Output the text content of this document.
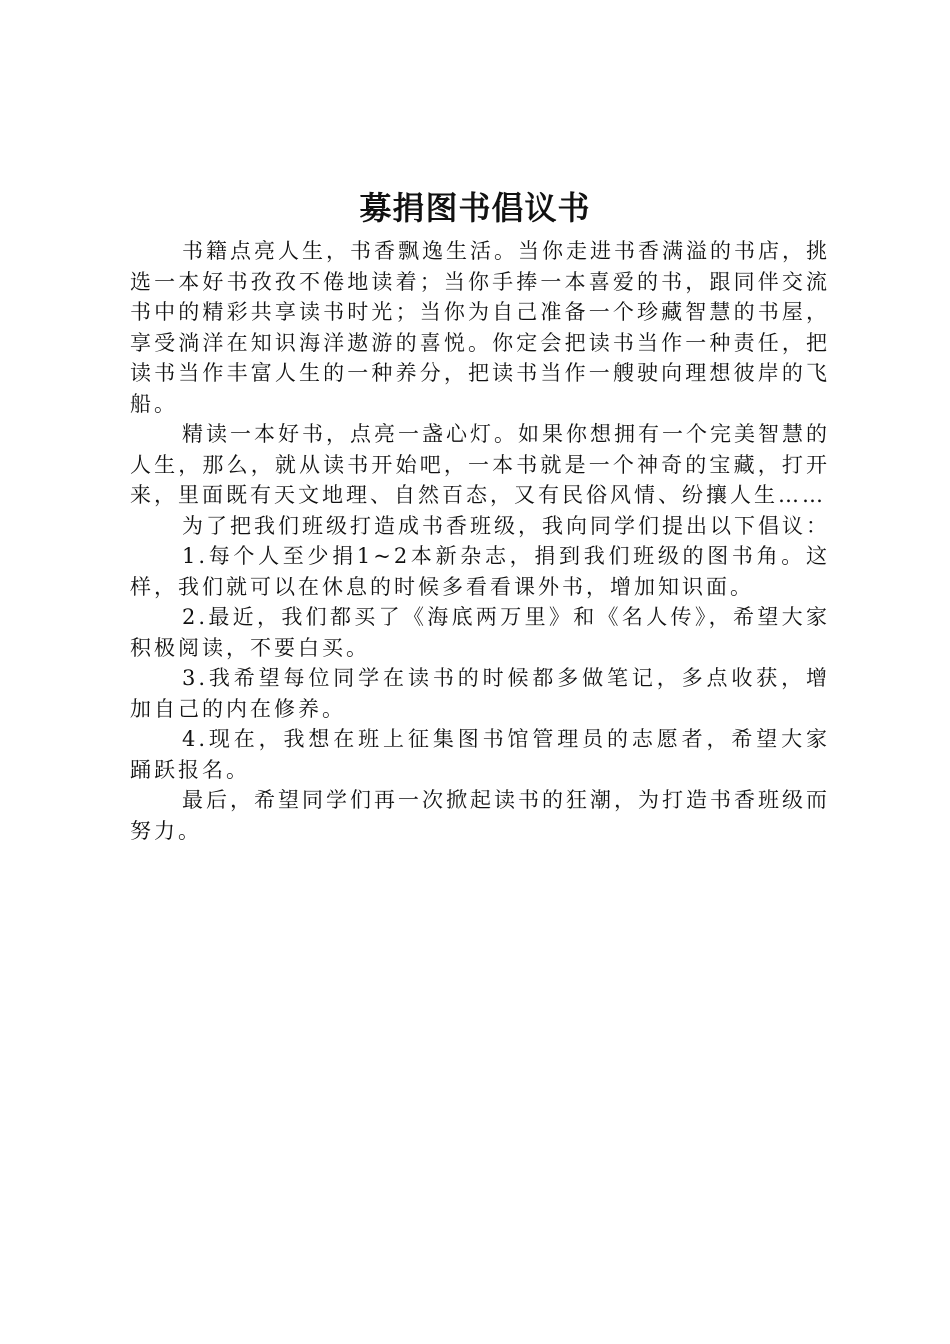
募捐图书倡议书

书籍点亮人生，书香飘逸生活。当你走进书香满溢的书店，挑选一本好书孜孜不倦地读着；当你手捧一本喜爱的书，跟同伴交流书中的精彩共享读书时光；当你为自己准备一个珍藏智慧的书屋，享受淌洋在知识海洋遨游的喜悦。你定会把读书当作一种责任，把读书当作丰富人生的一种养分，把读书当作一艘驶向理想彼岸的飞船。

精读一本好书，点亮一盏心灯。如果你想拥有一个完美智慧的人生，那么，就从读书开始吧，一本书就是一个神奇的宝藏，打开来，里面既有天文地理、自然百态，又有民俗风情、纷攘人生……

为了把我们班级打造成书香班级，我向同学们提出以下倡议：

1.每个人至少捐1~2本新杂志，捐到我们班级的图书角。这样，我们就可以在休息的时候多看看课外书，增加知识面。

2.最近，我们都买了《海底两万里》和《名人传》，希望大家积极阅读，不要白买。

3.我希望每位同学在读书的时候都多做笔记，多点收获，增加自己的内在修养。

4.现在，我想在班上征集图书馆管理员的志愿者，希望大家踊跃报名。

最后，希望同学们再一次掀起读书的狂潮，为打造书香班级而努力。
